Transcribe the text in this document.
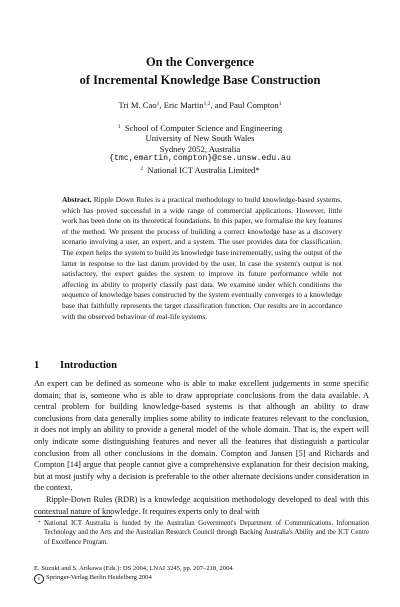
On the Convergence
of Incremental Knowledge Base Construction
Tri M. Cao$^1$, Eric Martin$^{1,2}$, and Paul Compton$^1$
$^1$ School of Computer Science and Engineering
University of New South Wales
Sydney 2052, Australia
{tmc,emartin,compton}@cse.unsw.edu.au
$^2$ National ICT Australia Limited*
Abstract. Ripple Down Rules is a practical methodology to build knowledge-based systems, which has proved successful in a wide range of commercial applications. However, little work has been done on its theoretical foundations. In this paper, we formalise the key features of the method. We present the process of building a correct knowledge base as a discovery scenario involving a user, an expert, and a system. The user provides data for classification. The expert helps the system to build its knowledge base incrementally, using the output of the latter in response to the last datum provided by the user. In case the system's output is not satisfactory, the expert guides the system to improve its future performance while not affecting its ability to properly classify past data. We examine under which conditions the sequence of knowledge bases constructed by the system eventually converges to a knowledge base that faithfully represents the target classification function. Our results are in accordance with the observed behaviour of real-life systems.
1 Introduction

An expert can be defined as someone who is able to make excellent judgements in some specific domain; that is, someone who is able to draw appropriate conclusions from the data available. A central problem for building knowledge-based systems is that although an ability to draw conclusions from data generally implies some ability to indicate features relevant to the conclusion, it does not imply an ability to provide a general model of the whole domain. That is, the expert will only indicate some distinguishing features and never all the features that distinguish a particular conclusion from all other conclusions in the domain. Compton and Jansen [5] and Richards and Compton [14] argue that people cannot give a comprehensive explanation for their decision making, but at most justify why a decision is preferable to the other alternate decisions under consideration in the context.

Ripple-Down Rules (RDR) is a knowledge acquisition methodology developed to deal with this contextual nature of knowledge. It requires experts only to deal with

* National ICT Australia is funded by the Australian Government's Department of Communications, Information Technology and the Arts and the Australian Research Council through Backing Australia's Ability and the ICT Centre of Excellence Program.
E. Suzuki and S. Arikawa (Eds.): DS 2004, LNAI 3245, pp. 207–218, 2004.
c Springer-Verlag Berlin Heidelberg 2004
